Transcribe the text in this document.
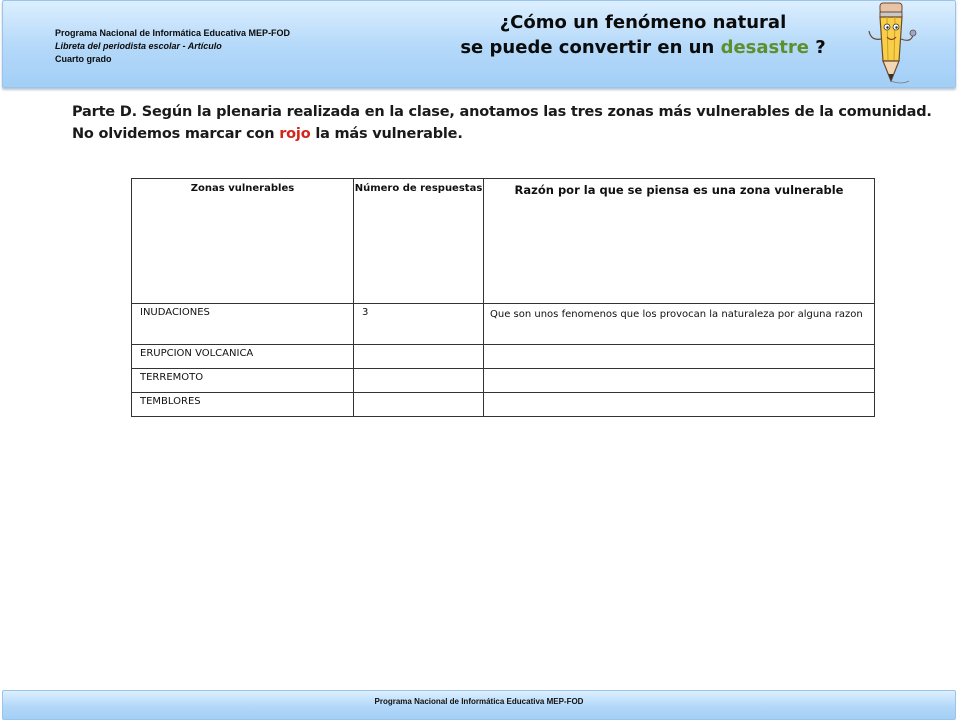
Programa Nacional de Informática Educativa MEP-FOD
Libreta del periodista escolar - Artículo
Cuarto grado
¿Cómo un fenómeno natural
se puede convertir en un desastre ?
Parte D. Según la plenaria realizada en la clase, anotamos las tres zonas más vulnerables de la comunidad. No olvidemos marcar con rojo la más vulnerable.
Zonas vulnerables	Número de respuestas	Razón por la que se piensa es una zona vulnerable
INUDACIONES	3	Que son unos fenomenos que los provocan la naturaleza por alguna razon
ERUPCION VOLCANICA		
TERREMOTO		
TEMBLORES		
Programa Nacional de Informática Educativa MEP-FOD
